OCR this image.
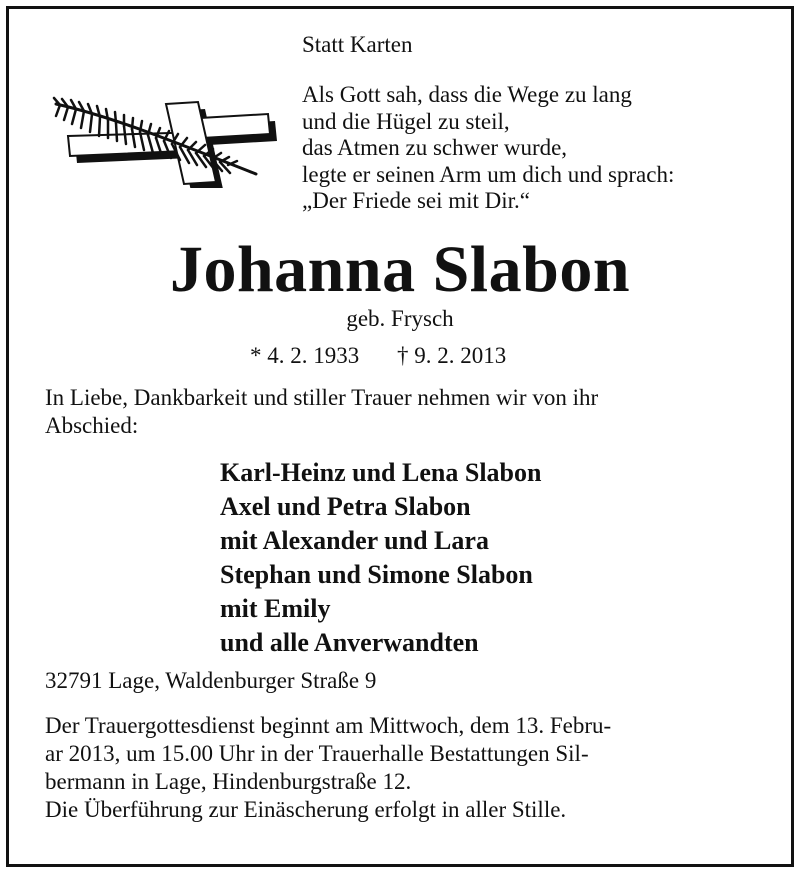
Statt Karten
Als Gott sah, dass die Wege zu lang
und die Hügel zu steil,
das Atmen zu schwer wurde,
legte er seinen Arm um dich und sprach:
„Der Friede sei mit Dir.“
Johanna Slabon
geb. Frysch
* 4. 2. 1933 † 9. 2. 2013
In Liebe, Dankbarkeit und stiller Trauer nehmen wir von ihr
Abschied:
Karl-Heinz und Lena Slabon
Axel und Petra Slabon
mit Alexander und Lara
Stephan und Simone Slabon
mit Emily
und alle Anverwandten
32791 Lage, Waldenburger Straße 9
Der Trauergottesdienst beginnt am Mittwoch, dem 13. Febru-
ar 2013, um 15.00 Uhr in der Trauerhalle Bestattungen Sil-
bermann in Lage, Hindenburgstraße 12.
Die Überführung zur Einäscherung erfolgt in aller Stille.
